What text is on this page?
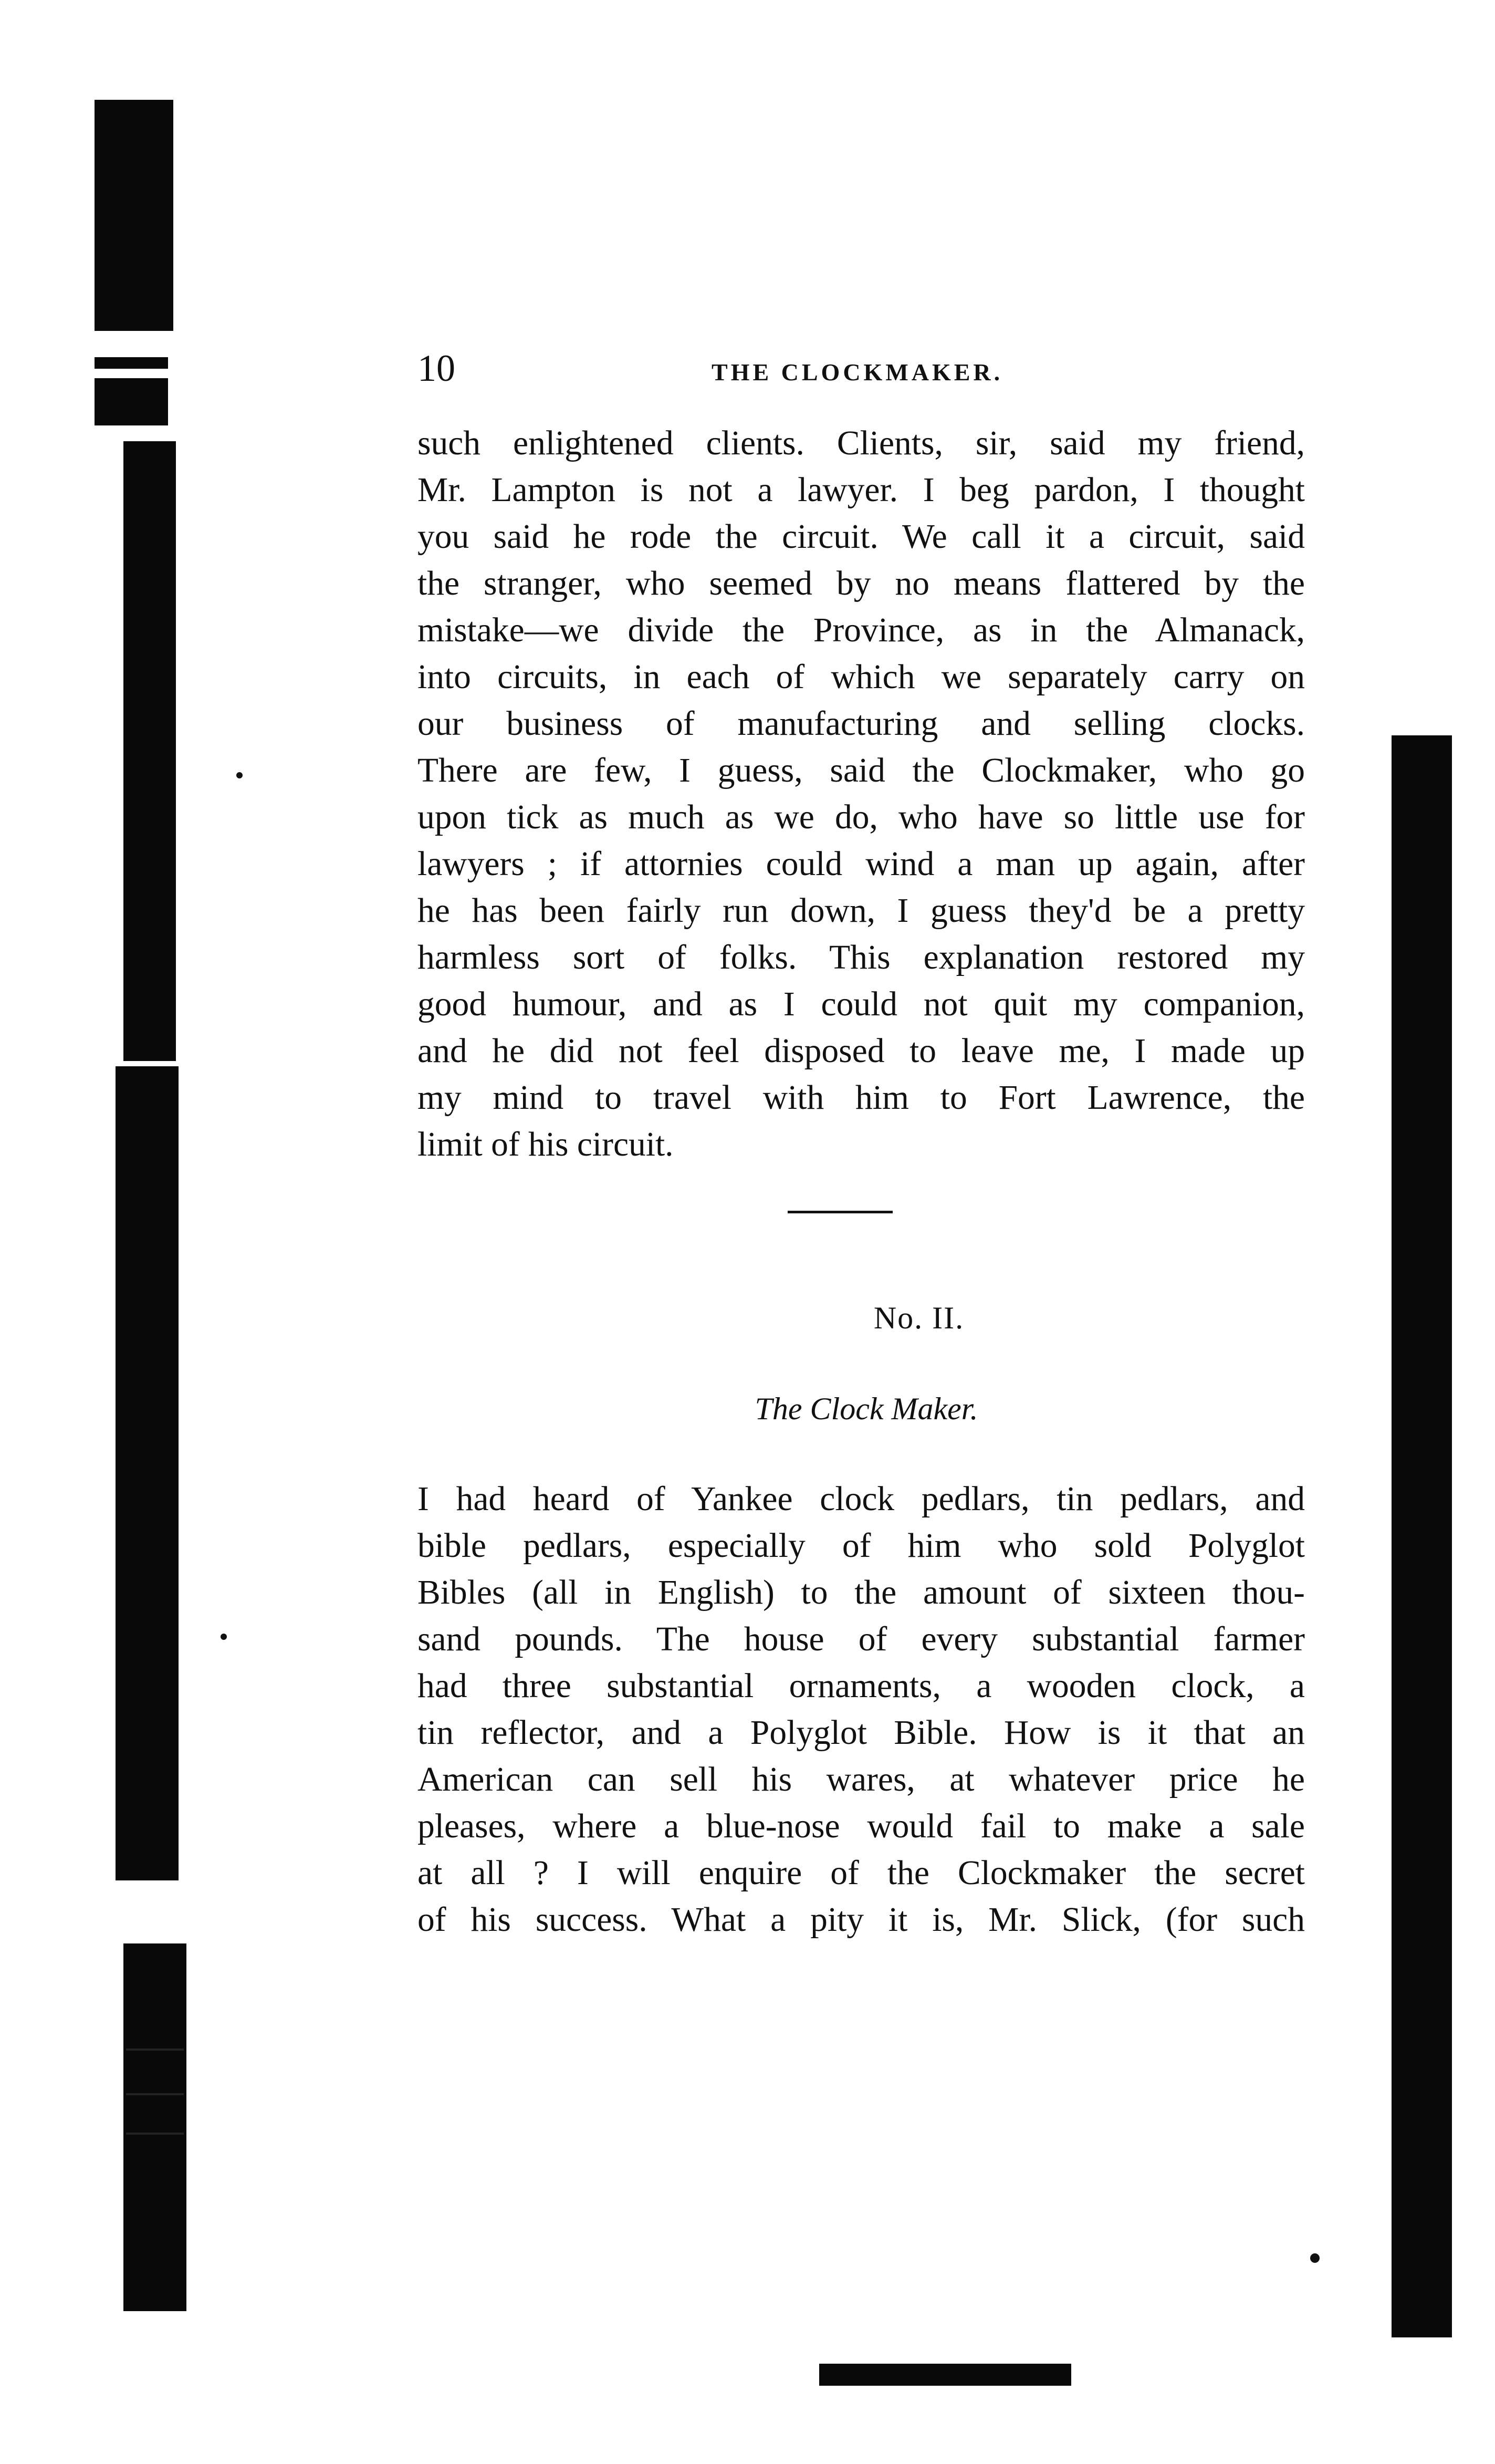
10	THE CLOCKMAKER.
such enlightened clients. Clients, sir, said my friend,
Mr. Lampton is not a lawyer. I beg pardon, I thought
you said he rode the circuit. We call it a circuit, said
the stranger, who seemed by no means flattered by the
mistake—we divide the Province, as in the Almanack,
into circuits, in each of which we separately carry on
our business of manufacturing and selling clocks.
There are few, I guess, said the Clockmaker, who go
upon tick as much as we do, who have so little use for
lawyers ; if attornies could wind a man up again, after
he has been fairly run down, I guess they'd be a pretty
harmless sort of folks. This explanation restored my
good humour, and as I could not quit my companion,
and he did not feel disposed to leave me, I made up
my mind to travel with him to Fort Lawrence, the
limit of his circuit.
No. II.
The Clock Maker.
I had heard of Yankee clock pedlars, tin pedlars, and
bible pedlars, especially of him who sold Polyglot
Bibles (all in English) to the amount of sixteen thou-
sand pounds. The house of every substantial farmer
had three substantial ornaments, a wooden clock, a
tin reflector, and a Polyglot Bible. How is it that an
American can sell his wares, at whatever price he
pleases, where a blue-nose would fail to make a sale
at all ? I will enquire of the Clockmaker the secret
of his success. What a pity it is, Mr. Slick, (for such
